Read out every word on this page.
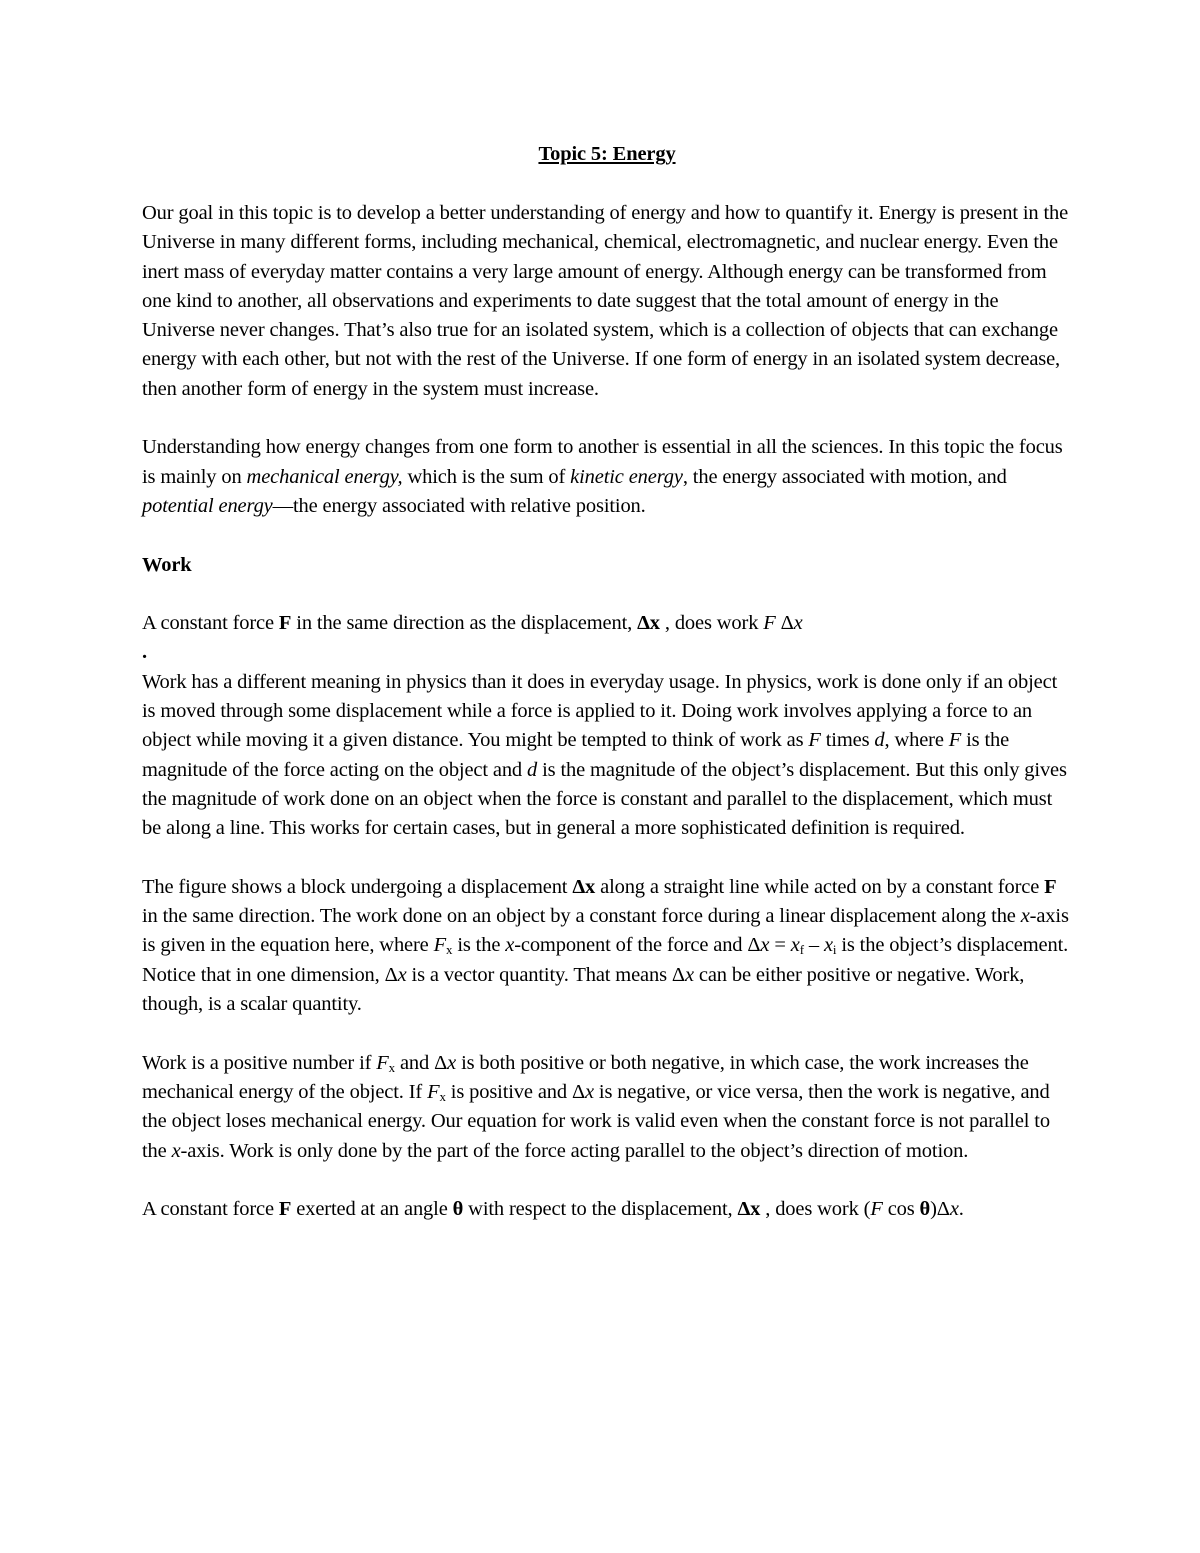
Topic 5: Energy

Our goal in this topic is to develop a better understanding of energy and how to quantify it. Energy is present in the Universe in many different forms, including mechanical, chemical, electromagnetic, and nuclear energy. Even the inert mass of everyday matter contains a very large amount of energy. Although energy can be transformed from one kind to another, all observations and experiments to date suggest that the total amount of energy in the Universe never changes. That’s also true for an isolated system, which is a collection of objects that can exchange energy with each other, but not with the rest of the Universe. If one form of energy in an isolated system decrease, then another form of energy in the system must increase.

Understanding how energy changes from one form to another is essential in all the sciences. In this topic the focus is mainly on mechanical energy, which is the sum of kinetic energy, the energy associated with motion, and potential energy—the energy associated with relative position.

Work

A constant force F in the same direction as the displacement, Δx , does work F Δx

.

Work has a different meaning in physics than it does in everyday usage. In physics, work is done only if an object is moved through some displacement while a force is applied to it. Doing work involves applying a force to an object while moving it a given distance. You might be tempted to think of work as F times d, where F is the magnitude of the force acting on the object and d is the magnitude of the object’s displacement. But this only gives the magnitude of work done on an object when the force is constant and parallel to the displacement, which must be along a line. This works for certain cases, but in general a more sophisticated definition is required.

The figure shows a block undergoing a displacement Δx along a straight line while acted on by a constant force F in the same direction. The work done on an object by a constant force during a linear displacement along the x-axis is given in the equation here, where $F_x$ is the x-component of the force and $\Delta x = x_f - x_i$ is the object’s displacement. Notice that in one dimension, Δx is a vector quantity. That means Δx can be either positive or negative. Work, though, is a scalar quantity.

Work is a positive number if $F_x$ and Δx is both positive or both negative, in which case, the work increases the mechanical energy of the object. If $F_x$ is positive and Δx is negative, or vice versa, then the work is negative, and the object loses mechanical energy. Our equation for work is valid even when the constant force is not parallel to the x-axis. Work is only done by the part of the force acting parallel to the object’s direction of motion.

A constant force F exerted at an angle θ with respect to the displacement, Δx , does work (F cos θ)Δx.
